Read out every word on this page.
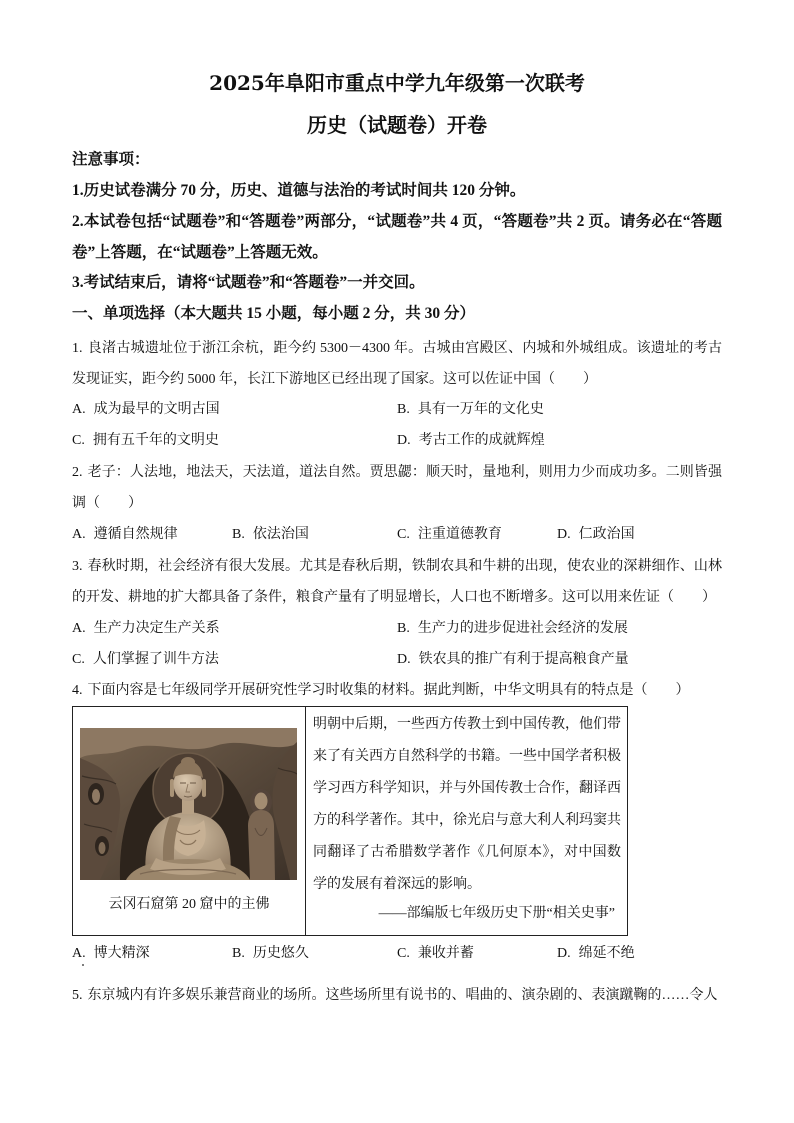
2025年阜阳市重点中学九年级第一次联考
历史（试题卷）开卷
注意事项：
1.历史试卷满分 70 分，历史、道德与法治的考试时间共 120 分钟。
2.本试卷包括“试题卷”和“答题卷”两部分，“试题卷”共 4 页，“答题卷”共 2 页。请务必在“答题卷”上答题，在“试题卷”上答题无效。
3.考试结束后，请将“试题卷”和“答题卷”一并交回。
一、单项选择（本大题共 15 小题，每小题 2 分，共 30 分）

1. 良渚古城遗址位于浙江余杭，距今约 5300－4300 年。古城由宫殿区、内城和外城组成。该遗址的考古发现证实，距今约 5000 年，长江下游地区已经出现了国家。这可以佐证中国（　　）

A. 成为最早的文明古国	B. 具有一万年的文化史
C. 拥有五千年的文明史	D. 考古工作的成就辉煌

2. 老子：人法地，地法天，天法道，道法自然。贾思勰：顺天时，量地利，则用力少而成功多。二则皆强调（　　）

A. 遵循自然规律	B. 依法治国	C. 注重道德教育	D. 仁政治国

3. 春秋时期，社会经济有很大发展。尤其是春秋后期，铁制农具和牛耕的出现，使农业的深耕细作、山林的开发、耕地的扩大都具备了条件，粮食产量有了明显增长，人口也不断增多。这可以用来佐证（　　）

A. 生产力决定生产关系	B. 生产力的进步促进社会经济的发展
C. 人们掌握了训牛方法	D. 铁农具的推广有利于提高粮食产量

4. 下面内容是七年级同学开展研究性学习时收集的材料。据此判断，中华文明具有的特点是（　　）

云冈石窟第 20 窟中的主佛
明朝中后期，一些西方传教士到中国传教，他们带来了有关西方自然科学的书籍。一些中国学者积极学习西方科学知识，并与外国传教士合作，翻译西方的科学著作。其中，徐光启与意大利人利玛窦共同翻译了古希腊数学著作《几何原本》，对中国数学的发展有着深远的影响。
——部编版七年级历史下册“相关史事”
A. 博大精深	B. 历史悠久	C. 兼收并蓄	D. 绵延不绝

5. 东京城内有许多娱乐兼营商业的场所。这些场所里有说书的、唱曲的、演杂剧的、表演蹴鞠的……令人
